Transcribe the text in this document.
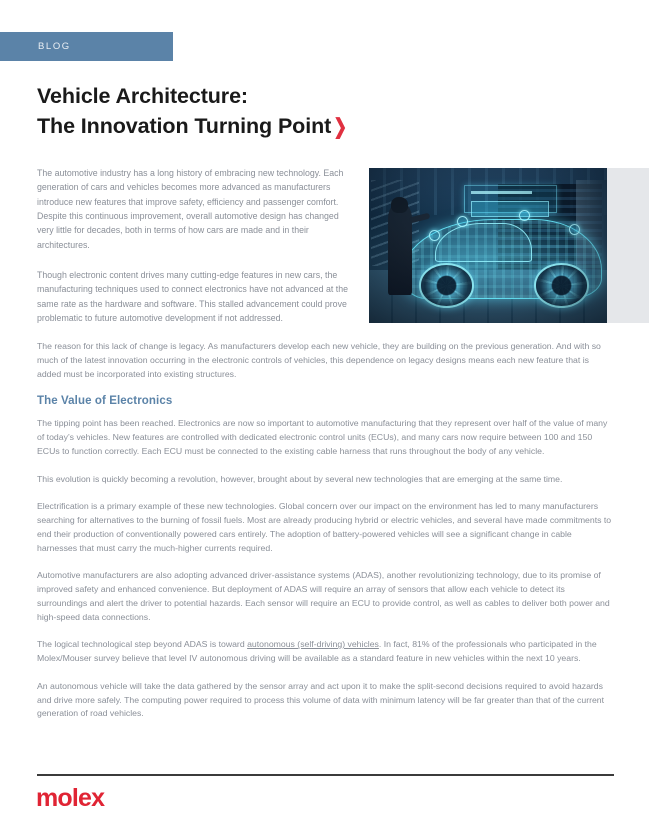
BLOG
Vehicle Architecture:
The Innovation Turning Point ❯

The automotive industry has a long history of embracing new technology. Each generation of cars and vehicles becomes more advanced as manufacturers introduce new features that improve safety, efficiency and passenger comfort. Despite this continuous improvement, overall automotive design has changed very little for decades, both in terms of how cars are made and in their architectures.

Though electronic content drives many cutting-edge features in new cars, the manufacturing techniques used to connect electronics have not advanced at the same rate as the hardware and software. This stalled advancement could prove problematic to future automotive development if not addressed.

The reason for this lack of change is legacy. As manufacturers develop each new vehicle, they are building on the previous generation. And with so much of the latest innovation occurring in the electronic controls of vehicles, this dependence on legacy designs means each new feature that is added must be incorporated into existing structures.

The Value of Electronics

The tipping point has been reached. Electronics are now so important to automotive manufacturing that they represent over half of the value of many of today’s vehicles. New features are controlled with dedicated electronic control units (ECUs), and many cars now require between 100 and 150 ECUs to function correctly. Each ECU must be connected to the existing cable harness that runs throughout the body of any vehicle.

This evolution is quickly becoming a revolution, however, brought about by several new technologies that are emerging at the same time.

Electrification is a primary example of these new technologies. Global concern over our impact on the environment has led to many manufacturers searching for alternatives to the burning of fossil fuels. Most are already producing hybrid or electric vehicles, and several have made commitments to end their production of conventionally powered cars entirely. The adoption of battery-powered vehicles will see a significant change in cable harnesses that must carry the much-higher currents required.

Automotive manufacturers are also adopting advanced driver-assistance systems (ADAS), another revolutionizing technology, due to its promise of improved safety and enhanced convenience. But deployment of ADAS will require an array of sensors that allow each vehicle to detect its surroundings and alert the driver to potential hazards. Each sensor will require an ECU to provide control, as well as cables to deliver both power and high-speed data connections.

The logical technological step beyond ADAS is toward autonomous (self-driving) vehicles. In fact, 81% of the professionals who participated in the Molex/Mouser survey believe that level IV autonomous driving will be available as a standard feature in new vehicles within the next 10 years.

An autonomous vehicle will take the data gathered by the sensor array and act upon it to make the split-second decisions required to avoid hazards and drive more safely. The computing power required to process this volume of data with minimum latency will be far greater than that of the current generation of road vehicles.

molex
